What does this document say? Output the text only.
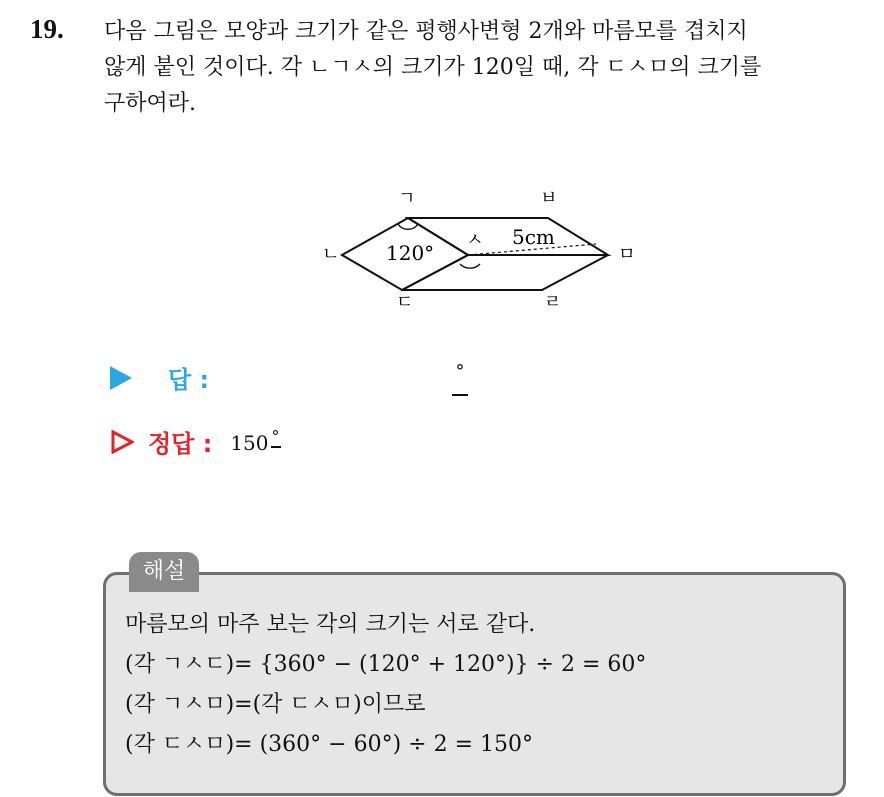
19. 다음 그림은 모양과 크기가 같은 평행사변형 2개와 마름모를 겹치지
않게 붙인 것이다. 각 ㄴㄱㅅ의 크기가 120일 때, 각 ㄷㅅㅁ의 크기를
구하여라.
ㄱ	ㅂ
ㄴ
ㅅ
ㅁ
ㄷ	ㄹ
120°
5cm
답 :	°
정답 : 150 °
해설
마름모의 마주 보는 각의 크기는 서로 같다.
(각 ㄱㅅㄷ)= {360° − (120° + 120°)} ÷ 2 = 60°
(각 ㄱㅅㅁ)=(각 ㄷㅅㅁ)이므로
(각 ㄷㅅㅁ)= (360° − 60°) ÷ 2 = 150°
